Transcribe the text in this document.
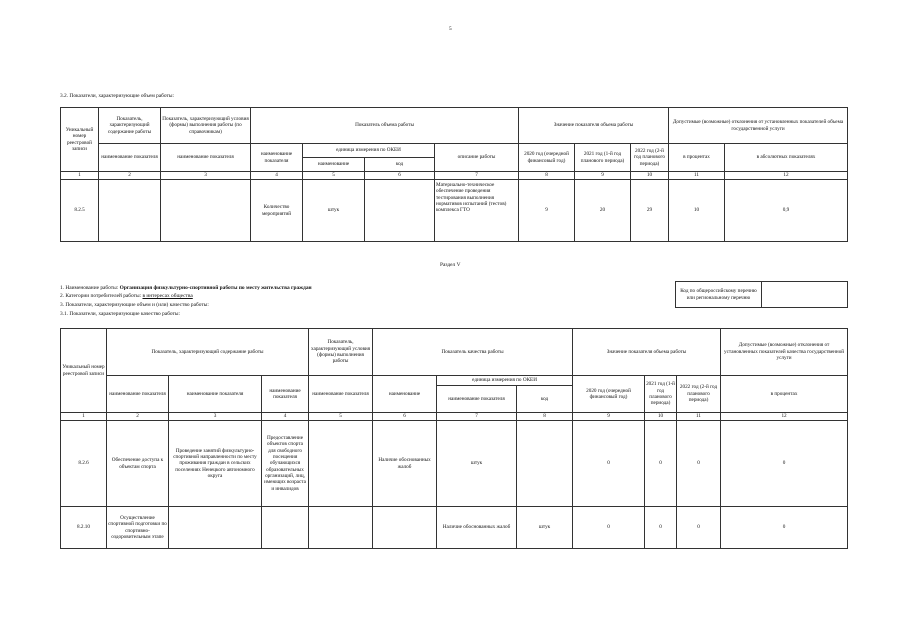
5
3.2. Показатели, характеризующие объем работы:
Уникальный номер реестровой записи	Показатель, характеризующий содержание работы	Показатель, характеризующий условия (формы) выполнения работы (по справочникам)	Показатель объема работы				Значение показателя объема работы			Допустимые (возможные) отклонения от установленных показателей объема государственной услуги	
	наименование показателя	наименование показателя	наименование показателя	единица измерения по ОКЕИ		описание работы	2020 год (очередной финансовый год)	2021 год (1-й год планового периода)	2022 год (2-й год планового периода)	в процентах	в абсолютных показателях
				наименование	код						
1	2	3	4	5	6	7	8	9	10	11	12
8.2.5			Количество мероприятий	штук		Материально-техническое обеспечение проведения тестирования выполнения нормативов испытаний (тестов) комплекса ГТО	9	20	29	10	0,9
Раздел V
1. Наименование работы: Организация физкультурно-спортивной работы по месту жительства граждан
2. Категории потребителей работы: в интересах общества
3. Показатели, характеризующие объем и (или) качество работы:
3.1. Показатели, характеризующие качество работы:
Код по общероссийскому перечню или региональному перечню	
Уникальный номер реестровой записи	Показатель, характеризующий содержание работы			Показатель, характеризующий условия (формы) выполнения работы	Показатель качества работы			Значение показателя объема работы			Допустимые (возможные) отклонения от установленных показателей качества государственной услуги
	наименование показателя	наименование показателя	наименование показателя	наименование показателя	наименование	единица измерения по ОКЕИ		2020 год (очередной финансовый год)	2021 год (1-й год планового периода)	2022 год (2-й год планового периода)	в процентах
						наименование показателя	код				
1	2	3	4	5	6	7	8	9	10	11	12
8.2.6	Обеспечение доступа к объектам спорта	Проведение занятий физкультурно-спортивной направленности по месту проживания граждан в сельских поселениях Ненецкого автономного округа	Предоставление объектов спорта для свободного посещения обучающихся образовательных организаций, лиц, имеющих возраста и инвалидов		Наличие обоснованных жалоб	штук		0	0	0	0
8.2.10	Осуществление спортивной подготовки по спортивно-оздоровительным этапе					Наличие обоснованных жалоб	штук	0	0	0	0
